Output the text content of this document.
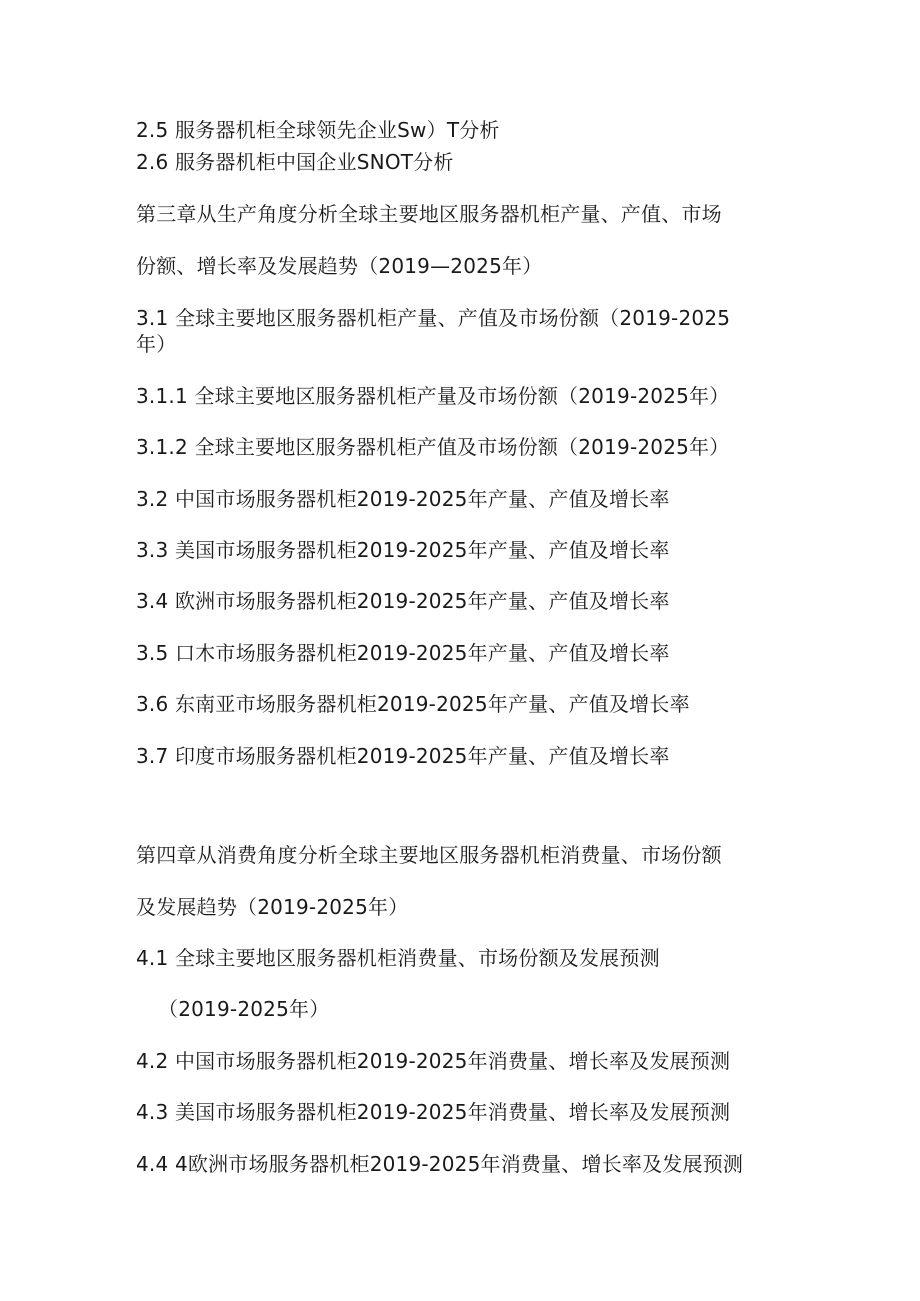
2.5 服务器机柜全球领先企业Sw）T分析
2.6 服务器机柜中国企业SNOT分析
第三章从生产角度分析全球主要地区服务器机柜产量、产值、市场
份额、增长率及发展趋势（2019—2025年）
3.1 全球主要地区服务器机柜产量、产值及市场份额（2019-2025
年）
3.1.1 全球主要地区服务器机柜产量及市场份额（2019-2025年）
3.1.2 全球主要地区服务器机柜产值及市场份额（2019-2025年）
3.2 中国市场服务器机柜2019-2025年产量、产值及增长率
3.3 美国市场服务器机柜2019-2025年产量、产值及增长率
3.4 欧洲市场服务器机柜2019-2025年产量、产值及增长率
3.5 口木市场服务器机柜2019-2025年产量、产值及增长率
3.6 东南亚市场服务器机柜2019-2025年产量、产值及增长率
3.7 印度市场服务器机柜2019-2025年产量、产值及增长率
第四章从消费角度分析全球主要地区服务器机柜消费量、市场份额
及发展趋势（2019-2025年）
4.1 全球主要地区服务器机柜消费量、市场份额及发展预测
（2019-2025年）
4.2 中国市场服务器机柜2019-2025年消费量、增长率及发展预测
4.3 美国市场服务器机柜2019-2025年消费量、增长率及发展预测
4.4 4欧洲市场服务器机柜2019-2025年消费量、增长率及发展预测
